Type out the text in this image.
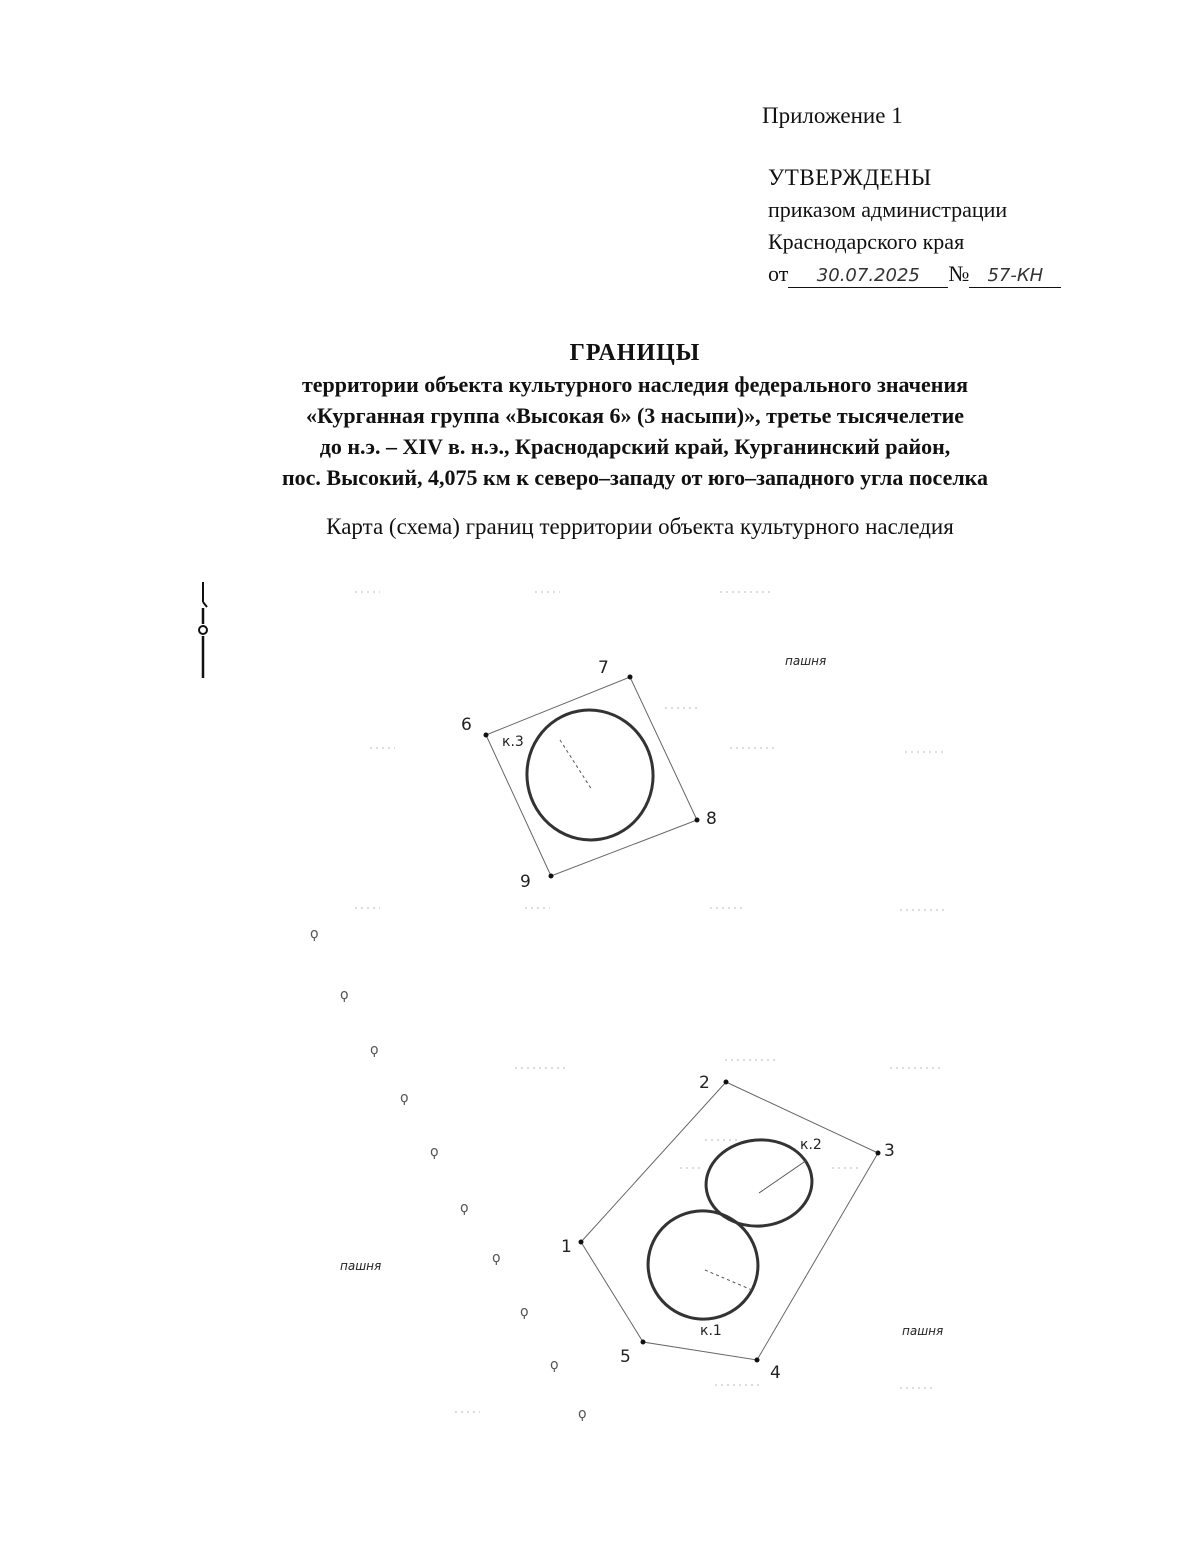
Приложение 1
УТВЕРЖДЕНЫ
приказом администрации
Краснодарского края
от 30.07.2025 № 57-КН
ГРАНИЦЫ
территории объекта культурного наследия федерального значения
«Курганная группа «Высокая 6» (3 насыпи)», третье тысячелетие
до н.э. – XIV в. н.э., Краснодарский край, Курганинский район,
пос. Высокий, 4,075 км к северо–западу от юго–западного угла поселка
Карта (схема) границ территории объекта культурного наследия
1
2
3
4
5
6
7
8
9
к.1
к.2
к.3
пашня
пашня
пашня
ϙ
ϙ
ϙ
ϙ
ϙ
ϙ
ϙ
ϙ
ϙ
ϙ
